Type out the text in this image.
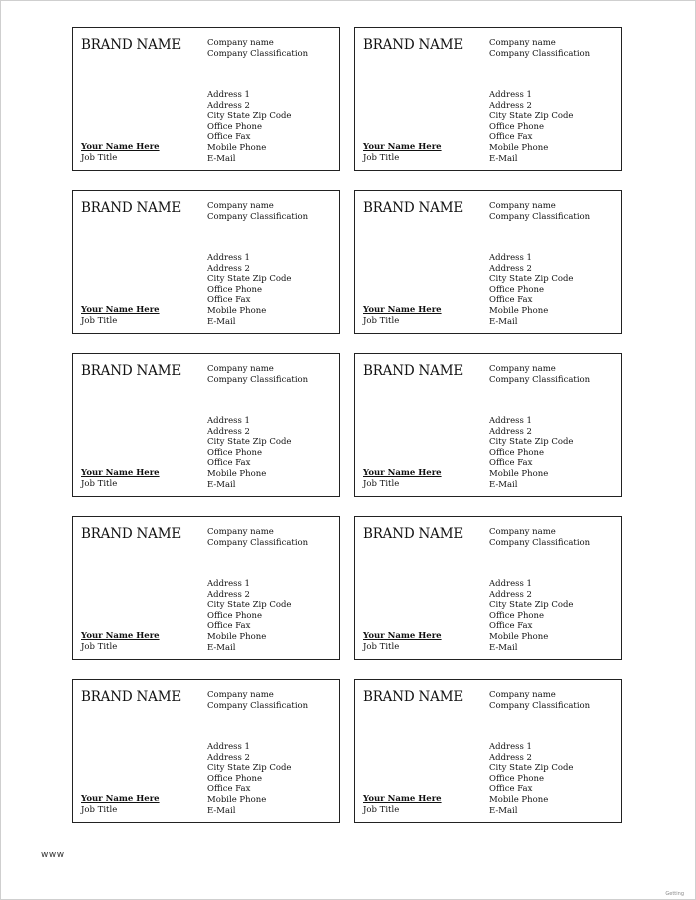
BRAND NAME	Company name
Company Classification
Address 1
Address 2
City State Zip Code
Office Phone
Office Fax
Mobile Phone
E-Mail
Your Name Here
Job Title
BRAND NAME	Company name
Company Classification
Address 1
Address 2
City State Zip Code
Office Phone
Office Fax
Mobile Phone
E-Mail
Your Name Here
Job Title
BRAND NAME	Company name
Company Classification
Address 1
Address 2
City State Zip Code
Office Phone
Office Fax
Mobile Phone
E-Mail
Your Name Here
Job Title
BRAND NAME	Company name
Company Classification
Address 1
Address 2
City State Zip Code
Office Phone
Office Fax
Mobile Phone
E-Mail
Your Name Here
Job Title
BRAND NAME	Company name
Company Classification
Address 1
Address 2
City State Zip Code
Office Phone
Office Fax
Mobile Phone
E-Mail
Your Name Here
Job Title
BRAND NAME	Company name
Company Classification
Address 1
Address 2
City State Zip Code
Office Phone
Office Fax
Mobile Phone
E-Mail
Your Name Here
Job Title
BRAND NAME	Company name
Company Classification
Address 1
Address 2
City State Zip Code
Office Phone
Office Fax
Mobile Phone
E-Mail
Your Name Here
Job Title
BRAND NAME	Company name
Company Classification
Address 1
Address 2
City State Zip Code
Office Phone
Office Fax
Mobile Phone
E-Mail
Your Name Here
Job Title
BRAND NAME	Company name
Company Classification
Address 1
Address 2
City State Zip Code
Office Phone
Office Fax
Mobile Phone
E-Mail
Your Name Here
Job Title
BRAND NAME	Company name
Company Classification
Address 1
Address 2
City State Zip Code
Office Phone
Office Fax
Mobile Phone
E-Mail
Your Name Here
Job Title
www
Getting
